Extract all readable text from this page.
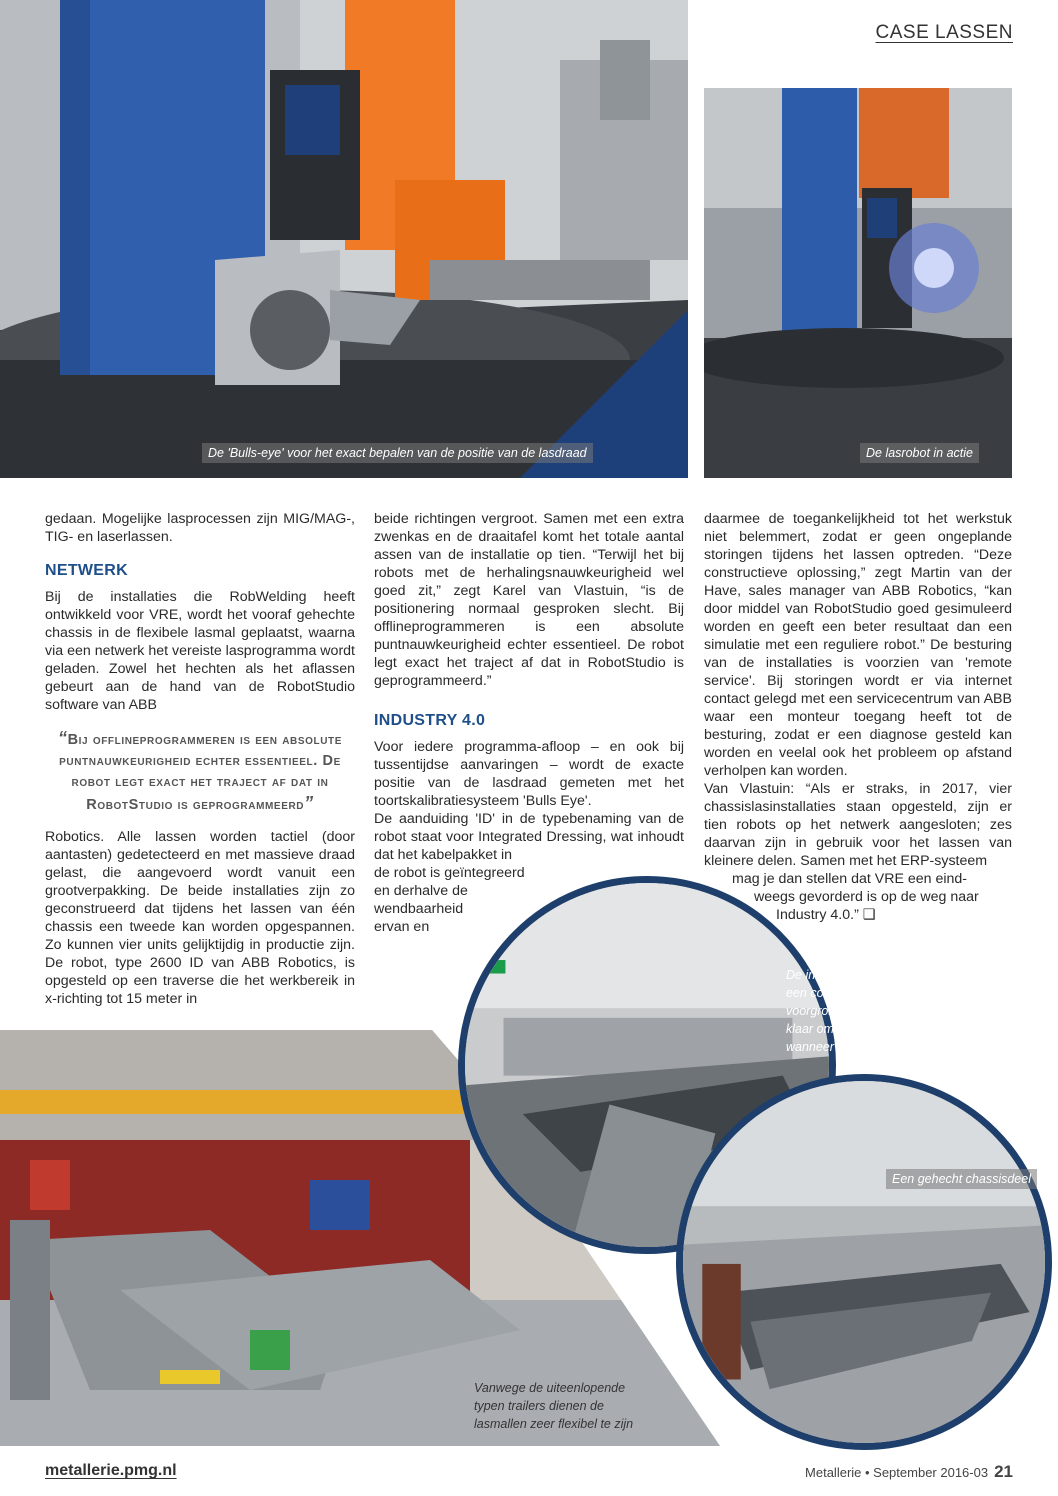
CASE LASSEN
De 'Bulls-eye' voor het exact bepalen van de positie van de lasdraad	De lasrobot in actie

gedaan. Mogelijke lasprocessen zijn MIG/MAG-, TIG- en laserlassen.

NETWERK

Bij de installaties die RobWelding heeft ontwikkeld voor VRE, wordt het vooraf gehechte chassis in de flexibele lasmal geplaatst, waarna via een netwerk het vereiste lasprogramma wordt geladen. Zowel het hechten als het aflassen gebeurt aan de hand van de RobotStudio software van ABB

“Bij offlineprogrammeren is een absolute puntnauwkeurigheid echter essentieel. De robot legt exact het traject af dat in RobotStudio is geprogrammeerd”

Robotics. Alle lassen worden tactiel (door aantasten) gedetecteerd en met massieve draad gelast, die aangevoerd wordt vanuit een grootverpakking. De beide installaties zijn zo geconstrueerd dat tijdens het lassen van één chassis een tweede kan worden opgespannen. Zo kunnen vier units gelijktijdig in productie zijn. De robot, type 2600 ID van ABB Robotics, is opgesteld op een traverse die het werkbereik in x-richting tot 15 meter in

beide richtingen vergroot. Samen met een extra zwenkas en de draaitafel komt het totale aantal assen van de installatie op tien. “Terwijl het bij robots met de herhalingsnauwkeurigheid wel goed zit,” zegt Karel van Vlastuin, “is de positionering normaal gesproken slecht. Bij offlineprogrammeren is een absolute puntnauwkeurigheid echter essentieel. De robot legt exact het traject af dat in RobotStudio is geprogrammeerd.”

INDUSTRY 4.0

Voor iedere programma-afloop – en ook bij tussentijdse aanvaringen – wordt de exacte positie van de lasdraad gemeten met het toortskalibratiesysteem 'Bulls Eye'.

De aanduiding 'ID' in de typebenaming van de robot staat voor Integrated Dressing, wat inhoudt dat het kabelpakket in

de robot is geïntegreerd

en derhalve de

wendbaarheid

ervan en

daarmee de toegankelijkheid tot het werkstuk niet belemmert, zodat er geen ongeplande storingen tijdens het lassen optreden. “Deze constructieve oplossing,” zegt Martin van der Have, sales manager van ABB Robotics, “kan door middel van RobotStudio goed gesimuleerd worden en geeft een beter resultaat dan een simulatie met een reguliere robot.” De besturing van de installaties is voorzien van 'remote service'. Bij storingen wordt er via internet contact gelegd met een servicecentrum van ABB waar een monteur toegang heeft tot de besturing, zodat er een diagnose gesteld kan worden en veelal ook het probleem op afstand verholpen kan worden.

Van Vlastuin: “Als er straks, in 2017, vier chassislasinstallaties staan opgesteld, zijn er tien robots op het netwerk aangesloten; zes daarvan zijn in gebruik voor het lassen van kleinere delen. Samen met het ERP-systeem

mag je dan stellen dat VRE een eind-

weegs gevorderd is op de weg naar

Industry 4.0.” ❑

Vanwege de uiteenlopende typen trailers dienen de lasmallen zeer flexibel te zijn
De installatie voor het aflassen van een compleet chassis. Op de voorgrond staat een tweede chassis klaar om te worden opgespannen wanneer het eerste gereed is
Een gehecht chassisdeel
metallerie.pmg.nl	Metallerie • September 2016-03 21
